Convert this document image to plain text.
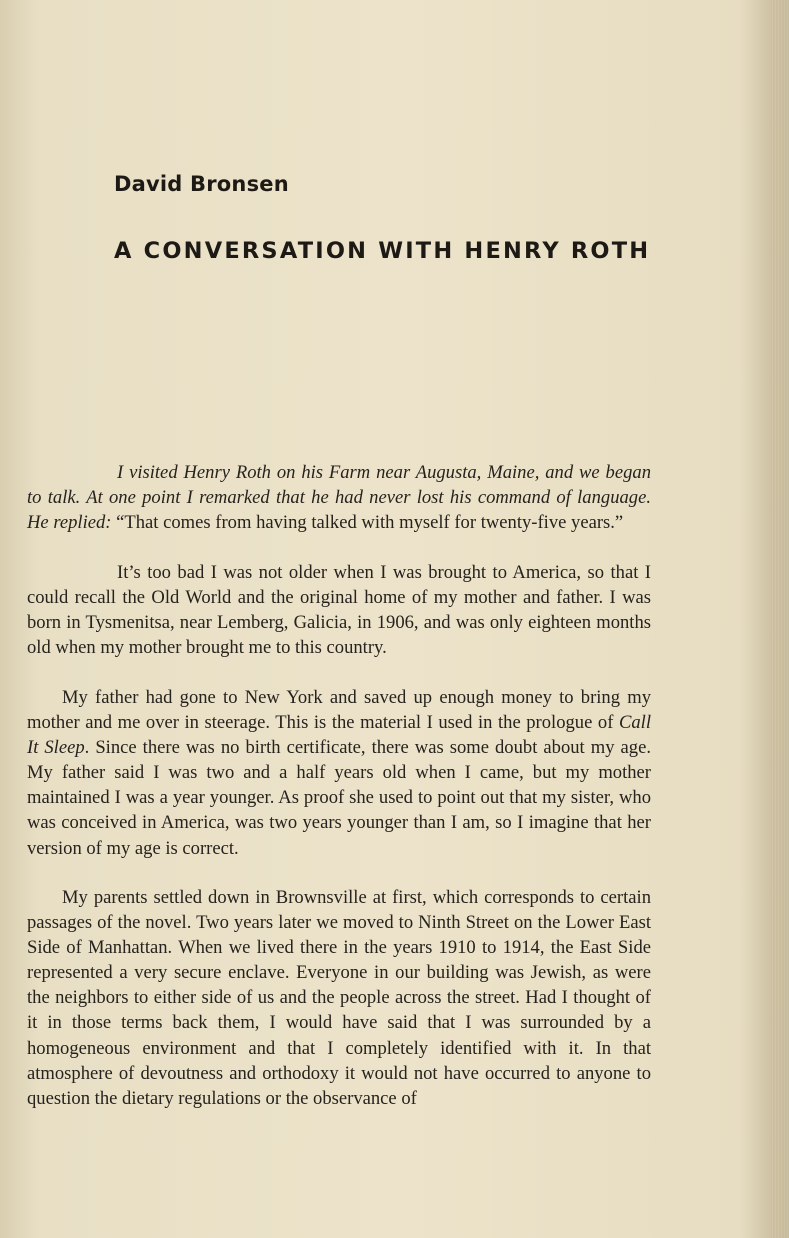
David Bronsen
A CONVERSATION WITH HENRY ROTH

I visited Henry Roth on his Farm near Augusta, Maine, and we began to talk. At one point I remarked that he had never lost his command of language. He replied: “That comes from having talked with myself for twenty-five years.”

It’s too bad I was not older when I was brought to America, so that I could recall the Old World and the original home of my mother and father. I was born in Tysmenitsa, near Lemberg, Galicia, in 1906, and was only eighteen months old when my mother brought me to this country.

My father had gone to New York and saved up enough money to bring my mother and me over in steerage. This is the material I used in the prologue of Call It Sleep. Since there was no birth certificate, there was some doubt about my age. My father said I was two and a half years old when I came, but my mother maintained I was a year younger. As proof she used to point out that my sister, who was conceived in America, was two years younger than I am, so I imagine that her version of my age is correct.

My parents settled down in Brownsville at first, which corresponds to certain passages of the novel. Two years later we moved to Ninth Street on the Lower East Side of Manhattan. When we lived there in the years 1910 to 1914, the East Side represented a very secure enclave. Everyone in our building was Jewish, as were the neighbors to either side of us and the people across the street. Had I thought of it in those terms back them, I would have said that I was surrounded by a homogeneous environment and that I completely identified with it. In that atmosphere of devoutness and orthodoxy it would not have occurred to anyone to question the dietary regulations or the observance of
